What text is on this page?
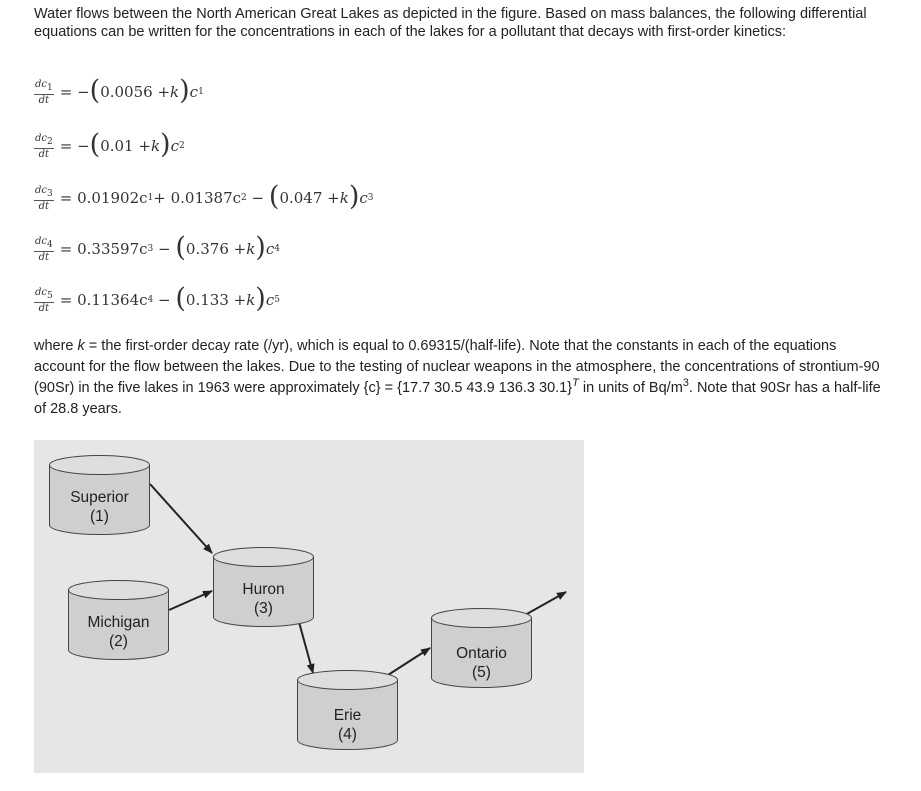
Water flows between the North American Great Lakes as depicted in the figure. Based on mass balances, the following differential equations can be written for the concentrations in each of the lakes for a pollutant that decays with first-order kinetics:

$\frac{dc_1}{dt}$ = − ( 0.0056 + k ) c 1
$\frac{dc_2}{dt}$ = − ( 0.01 + k ) c 2
$\frac{dc_3}{dt} = 0.01902c$ 1 + 0.01387c 2 − ( 0.047 + k ) c 3
$\frac{dc_4}{dt} = 0.33597c$ 3 − ( 0.376 + k ) c 4
$\frac{dc_5}{dt} = 0.11364c$ 4 − ( 0.133 + k ) c 5

where k = the first-order decay rate (/yr), which is equal to 0.69315/(half-life). Note that the constants in each of the equations account for the flow between the lakes. Due to the testing of nuclear weapons in the atmosphere, the concentrations of strontium-90 (90Sr) in the five lakes in 1963 were approximately {c} = {17.7 30.5 43.9 136.3 30.1}$^T$ in units of $Bq/m^3$. Note that 90Sr has a half-life of 28.8 years.

Superior
(1)
Michigan
(2)
Huron
(3)
Erie
(4)
Ontario
(5)
